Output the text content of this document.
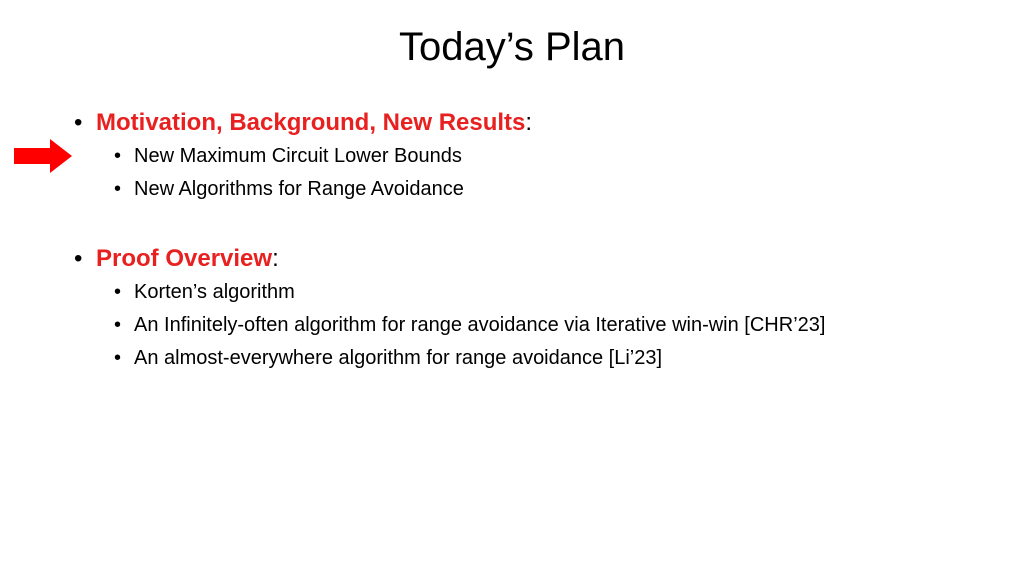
Today’s Plan
• Motivation, Background, New Results:
• New Maximum Circuit Lower Bounds
• New Algorithms for Range Avoidance
• Proof Overview:
• Korten’s algorithm
• An Infinitely-often algorithm for range avoidance via Iterative win-win [CHR’23]
• An almost-everywhere algorithm for range avoidance [Li’23]
